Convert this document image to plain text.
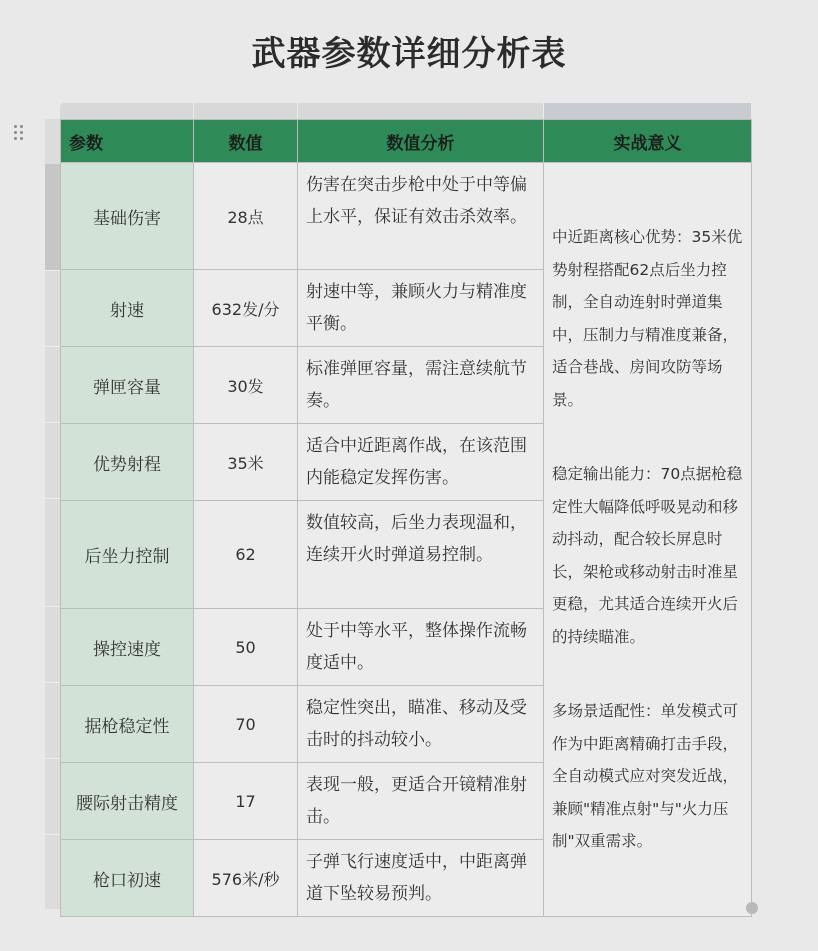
武器参数详细分析表
参数	数值	数值分析	实战意义
基础伤害	28点	伤害在突击步枪中处于中等偏上水平，保证有效击杀效率。	中近距离核心优势：35米优势射程搭配62点后坐力控制，全自动连射时弹道集中，压制力与精准度兼备，适合巷战、房间攻防等场景。
稳定输出能力：70点据枪稳定性大幅降低呼吸晃动和移动抖动，配合较长屏息时长，架枪或移动射击时准星更稳，尤其适合连续开火后的持续瞄准。
多场景适配性：单发模式可作为中距离精确打击手段，全自动模式应对突发近战，兼顾"精准点射"与"火力压制"双重需求。

射速	632发/分	射速中等，兼顾火力与精准度平衡。	
弹匣容量	30发	标准弹匣容量，需注意续航节奏。	
优势射程	35米	适合中近距离作战，在该范围内能稳定发挥伤害。	
后坐力控制	62	数值较高，后坐力表现温和，连续开火时弹道易控制。	
操控速度	50	处于中等水平，整体操作流畅度适中。	
据枪稳定性	70	稳定性突出，瞄准、移动及受击时的抖动较小。	
腰际射击精度	17	表现一般，更适合开镜精准射击。	
枪口初速	576米/秒	子弹飞行速度适中，中距离弹道下坠较易预判。	
